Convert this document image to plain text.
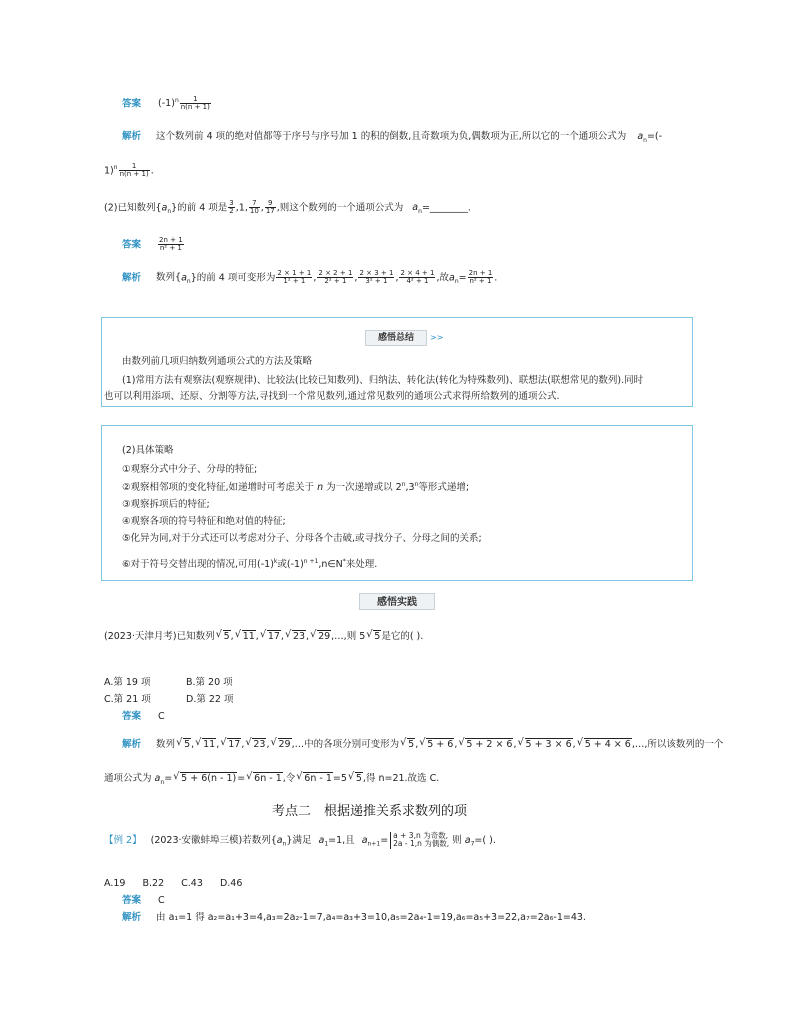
答案 $(-1)^n \frac{1}{n(n + 1)}$
解析 这个数列前 4 项的绝对值都等于序号与序号加 1 的积的倒数,且奇数项为负,偶数项为正,所以它的一个通项公式为 $a_n=(-$
$1)^n \frac{1}{n(n + 1)}$ .
(2)已知数列$\{a_n\}$的前 4 项是 $\frac{3}{2} ,1$, $\frac{7}{10}$ , $\frac{9}{17}$ ,则这个数列的一个通项公式为 $a_n=\_\_\_\_\_\_\_\_$.
答案 $\frac{2n + 1}{\text{n² + 1}}$
解析 数列$\{a_n\}$的前 4 项可变形为 $\frac{2 \times 1 + 1}{\text{1² + 1}}$ , $\frac{2 \times 2 + 1}{\text{2² + 1}}$ , $\frac{2 \times 3 + 1}{\text{3² + 1}}$ , $\frac{2 \times 4 + 1}{\text{4² + 1}}$ ,故$a_n= \frac{2n + 1}{\text{n² + 1}}$ .
感悟总结	>>
由数列前几项归纳数列通项公式的方法及策略
(1)常用方法有观察法(观察规律)、比较法(比较已知数列)、归纳法、转化法(转化为特殊数列)、联想法(联想常见的数列).同时
也可以利用添项、还原、分割等方法,寻找到一个常见数列,通过常见数列的通项公式求得所给数列的通项公式.
(2)具体策略
①观察分式中分子、分母的特征;
②观察相邻项的变化特征,如递增时可考虑关于 n 为一次递增或以 2$^n$,3$^n$等形式递增;
③观察拆项后的特征;
④观察各项的符号特征和绝对值的特征;
⑤化异为同,对于分式还可以考虑对分子、分母各个击破,或寻找分子、分母之间的关系;
⑥对于符号交替出现的情况,可用$(-1)^k$或$(-1)^{n +1},n\in N^*$来处理.
感悟实践
(2023·天津月考)已知数列√ 5,√ 11,√ 17,√ 23,√ 29,…,则 5√ 5是它的( ).
A.第 19 项	B.第 20 项
C.第 21 项	D.第 22 项
答案 C
解析 数列√ 5,√ 11,√ 17,√ 23,√ 29,…中的各项分别可变形为√ 5,√ 5 + 6,√ 5 + 2 × 6,√ 5 + 3 × 6,√ 5 + 4 × 6,…,所以该数列的一个
通项公式为 $a_n=√$ 5 + 6(n - 1)=√ 6n - 1,令√ 6n - 1=5√ 5,得 n=21.故选 C.
考点二　根据递推关系求数列的项
【例 2】 (2023·安徽蚌埠三模)若数列$\{a_n\}$满足 $a_1=1$,且 $a_{n+1}= a + 3,n$ 为奇数,
2a - 1,n 为偶数, 则 $a_7=$( ).
A.19 B.22 C.43 D.46
答案 C
解析 由 a₁=1 得 a₂=a₁+3=4,a₃=2a₂-1=7,a₄=a₃+3=10,a₅=2a₄-1=19,a₆=a₅+3=22,a₇=2a₆-1=43.
